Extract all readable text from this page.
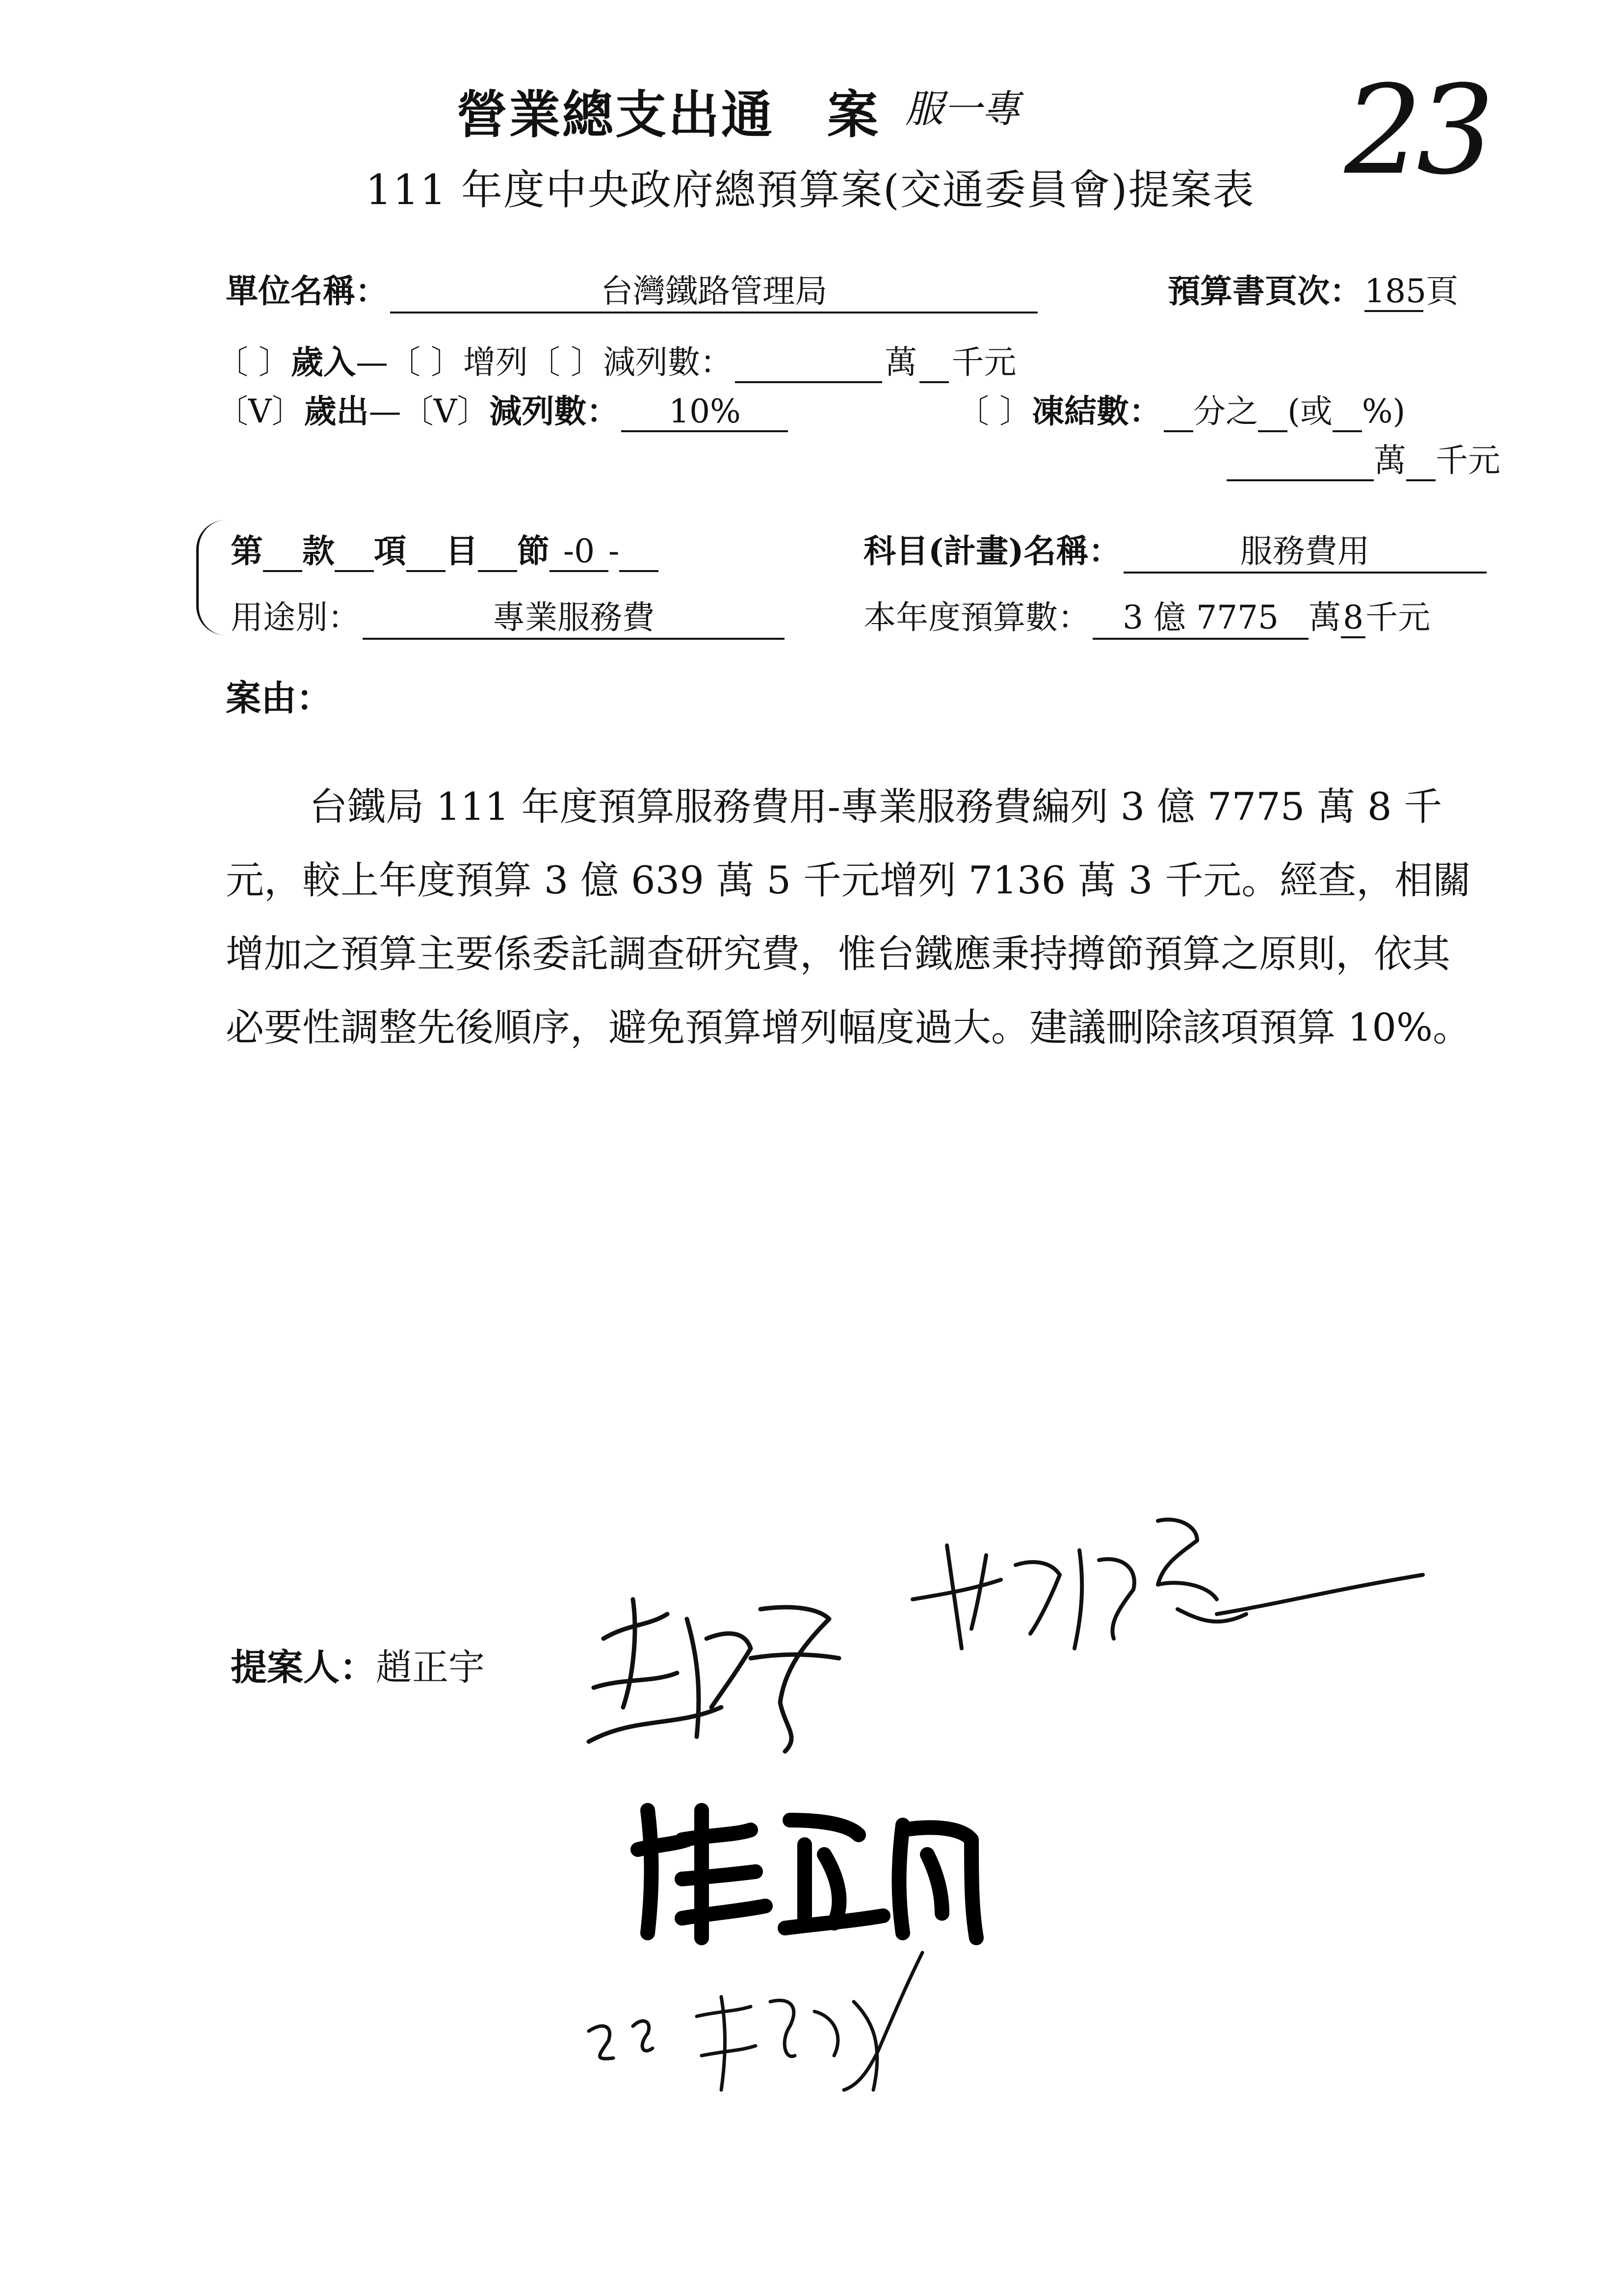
營業總支出通　案 服一專
111 年度中央政府總預算案(交通委員會)提案表 23
單位名稱：	台灣鐵路管理局	預算書頁次： 185 頁
〔 〕歲入—〔 〕增列〔 〕減列數：	萬 千元
〔V〕歲出—〔V〕減列數： 10%	〔 〕凍結數： 分之 (或 %)
萬 千元
第 款 項 目 節 -0 -	科目(計畫)名稱：	服務費用
用途別：	專業服務費	本年度預算數： 3 億 7775 萬8千元
案由：

台鐵局 111 年度預算服務費用-專業服務費編列 3 億 7775 萬 8 千元，較上年度預算 3 億 639 萬 5 千元增列 7136 萬 3 千元。經查，相關增加之預算主要係委託調查研究費，惟台鐵應秉持撙節預算之原則，依其必要性調整先後順序，避免預算增列幅度過大。建議刪除該項預算 10%。

提案人：趙正宇
